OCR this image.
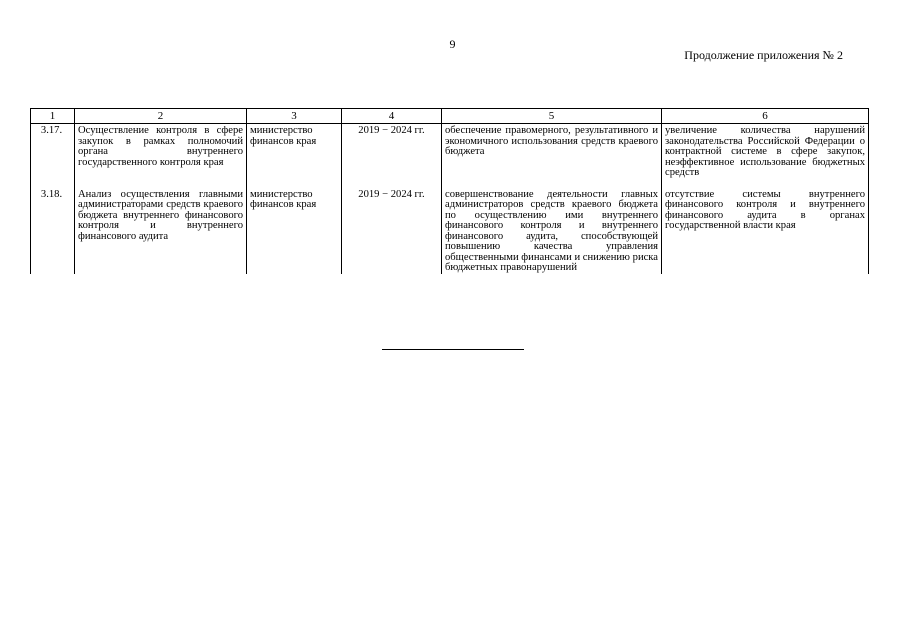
9
Продолжение приложения № 2
1	2	3	4	5	6
3.17.	Осуществление контроля в сфере закупок в рамках полномочий органа внутреннего государственного контроля края	министерство финансов края	2019 − 2024 гг.	обеспечение правомерного, результативного и экономичного использования средств краевого бюджета	увеличение количества нарушений законодательства Российской Федерации о контрактной системе в сфере закупок, неэффективное использование бюджетных средств
3.18.	Анализ осуществления главными администраторами средств краевого бюджета внутреннего финансового контроля и внутреннего финансового аудита	министерство финансов края	2019 − 2024 гг.	совершенствование деятельности главных администраторов средств краевого бюджета по осуществлению ими внутреннего финансового контроля и внутреннего финансового аудита, способствующей повышению качества управления общественными финансами и снижению риска бюджетных правонарушений	отсутствие системы внутреннего финансового контроля и внутреннего финансового аудита в органах государственной власти края
